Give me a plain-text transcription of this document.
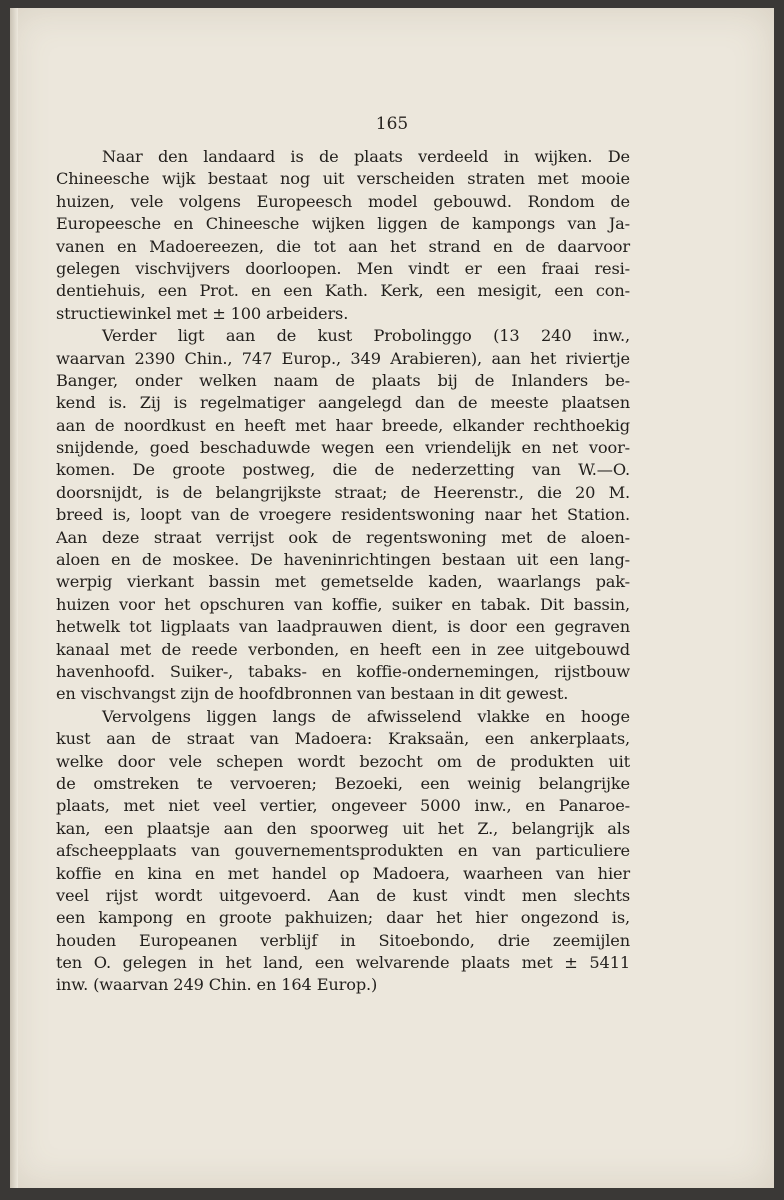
165
Naar den landaard is de plaats verdeeld in wijken. De
Chineesche wijk bestaat nog uit verscheiden straten met mooie
huizen, vele volgens Europeesch model gebouwd. Rondom de
Europeesche en Chineesche wijken liggen de kampongs van Ja-
vanen en Madoereezen, die tot aan het strand en de daarvoor
gelegen vischvijvers doorloopen. Men vindt er een fraai resi-
dentiehuis, een Prot. en een Kath. Kerk, een mesigit, een con-
structiewinkel met ± 100 arbeiders.
Verder ligt aan de kust Probolinggo (13 240 inw.,
waarvan 2390 Chin., 747 Europ., 349 Arabieren), aan het riviertje
Banger, onder welken naam de plaats bij de Inlanders be-
kend is. Zij is regelmatiger aangelegd dan de meeste plaatsen
aan de noordkust en heeft met haar breede, elkander rechthoekig
snijdende, goed beschaduwde wegen een vriendelijk en net voor-
komen. De groote postweg, die de nederzetting van W.—O.
doorsnijdt, is de belangrijkste straat; de Heerenstr., die 20 M.
breed is, loopt van de vroegere residentswoning naar het Station.
Aan deze straat verrijst ook de regentswoning met de aloen-
aloen en de moskee. De haveninrichtingen bestaan uit een lang-
werpig vierkant bassin met gemetselde kaden, waarlangs pak-
huizen voor het opschuren van koffie, suiker en tabak. Dit bassin,
hetwelk tot ligplaats van laadprauwen dient, is door een gegraven
kanaal met de reede verbonden, en heeft een in zee uitgebouwd
havenhoofd. Suiker-, tabaks- en koffie-ondernemingen, rijstbouw
en vischvangst zijn de hoofdbronnen van bestaan in dit gewest.
Vervolgens liggen langs de afwisselend vlakke en hooge
kust aan de straat van Madoera: Kraksaän, een ankerplaats,
welke door vele schepen wordt bezocht om de produkten uit
de omstreken te vervoeren; Bezoeki, een weinig belangrijke
plaats, met niet veel vertier, ongeveer 5000 inw., en Panaroe-
kan, een plaatsje aan den spoorweg uit het Z., belangrijk als
afscheepplaats van gouvernementsprodukten en van particuliere
koffie en kina en met handel op Madoera, waarheen van hier
veel rijst wordt uitgevoerd. Aan de kust vindt men slechts
een kampong en groote pakhuizen; daar het hier ongezond is,
houden Europeanen verblijf in Sitoebondo, drie zeemijlen
ten O. gelegen in het land, een welvarende plaats met ± 5411
inw. (waarvan 249 Chin. en 164 Europ.)
